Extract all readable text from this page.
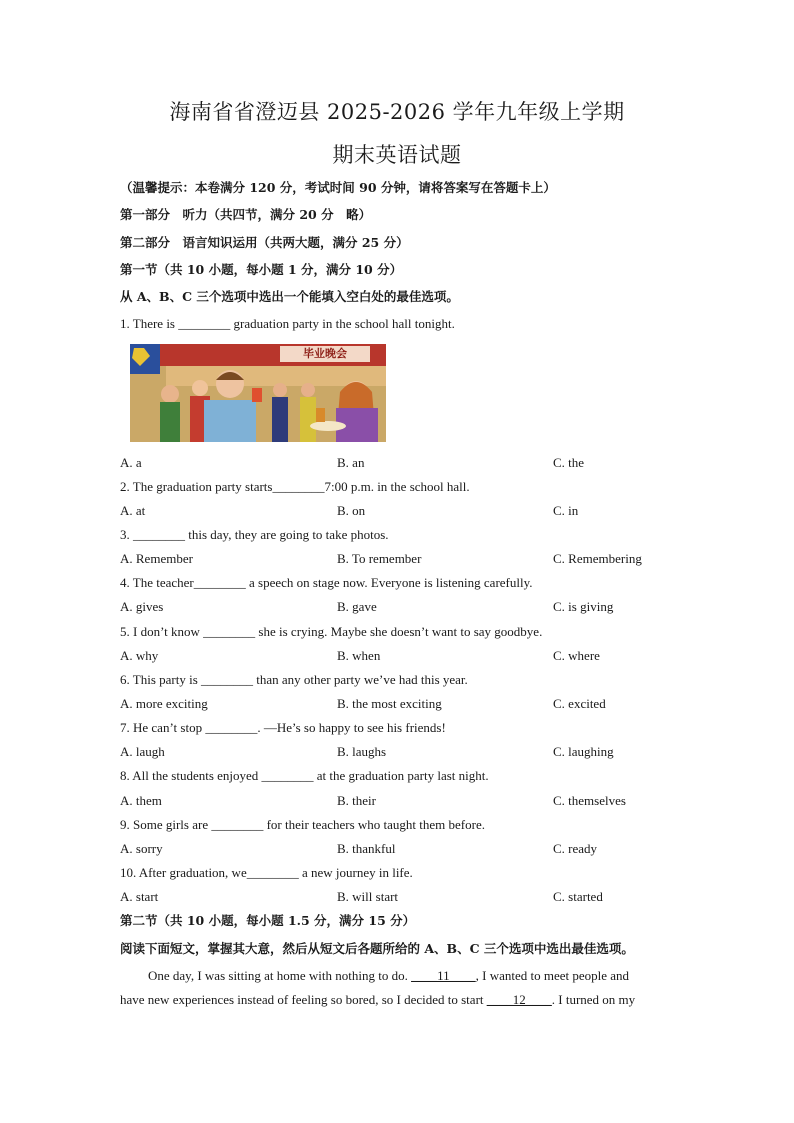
海南省省澄迈县 2025-2026 学年九年级上学期
期末英语试题
（温馨提示：本卷满分 120 分，考试时间 90 分钟，请将答案写在答题卡上）
第一部分　听力（共四节，满分 20 分　略）
第二部分　语言知识运用（共两大题，满分 25 分）
第一节（共 10 小题，每小题 1 分，满分 10 分）
从 A、B、C 三个选项中选出一个能填入空白处的最佳选项。
1. There is ________ graduation party in the school hall tonight.
毕业晚会
A. a	B. an	C. the
2. The graduation party starts________7:00 p.m. in the school hall.
A. at	B. on	C. in
3. ________ this day, they are going to take photos.
A. Remember	B. To remember	C. Remembering
4. The teacher________ a speech on stage now. Everyone is listening carefully.
A. gives	B. gave	C. is giving
5. I don’t know ________ she is crying. Maybe she doesn’t want to say goodbye.
A. why	B. when	C. where
6. This party is ________ than any other party we’ve had this year.
A. more exciting	B. the most exciting	C. excited
7. He can’t stop ________. —He’s so happy to see his friends!
A. laugh	B. laughs	C. laughing
8. All the students enjoyed ________ at the graduation party last night.
A. them	B. their	C. themselves
9. Some girls are ________ for their teachers who taught them before.
A. sorry	B. thankful	C. ready
10. After graduation, we________ a new journey in life.
A. start	B. will start	C. started
第二节（共 10 小题，每小题 1.5 分，满分 15 分）
阅读下面短文，掌握其大意，然后从短文后各题所给的 A、B、C 三个选项中选出最佳选项。
One day, I was sitting at home with nothing to do. ____11____, I wanted to meet people and
have new experiences instead of feeling so bored, so I decided to start ____12____. I turned on my
